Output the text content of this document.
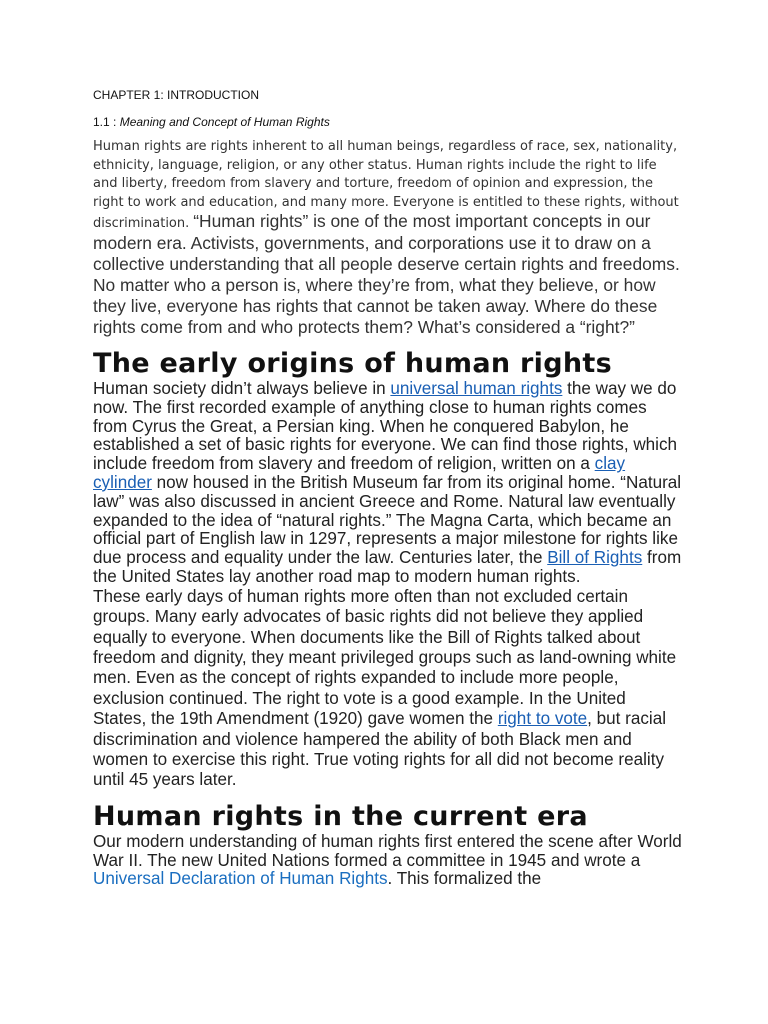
CHAPTER 1: INTRODUCTION

1.1 : Meaning and Concept of Human Rights

Human rights are rights inherent to all human beings, regardless of race, sex, nationality, ethnicity, language, religion, or any other status. Human rights include the right to life and liberty, freedom from slavery and torture, freedom of opinion and expression, the right to work and education, and many more. Everyone is entitled to these rights, without discrimination. “Human rights” is one of the most important concepts in our modern era. Activists, governments, and corporations use it to draw on a collective understanding that all people deserve certain rights and freedoms. No matter who a person is, where they’re from, what they believe, or how they live, everyone has rights that cannot be taken away. Where do these rights come from and who protects them? What’s considered a “right?”

The early origins of human rights

Human society didn’t always believe in universal human rights the way we do now. The first recorded example of anything close to human rights comes from Cyrus the Great, a Persian king. When he conquered Babylon, he established a set of basic rights for everyone. We can find those rights, which include freedom from slavery and freedom of religion, written on a clay cylinder now housed in the British Museum far from its original home. “Natural law” was also discussed in ancient Greece and Rome. Natural law eventually expanded to the idea of “natural rights.” The Magna Carta, which became an official part of English law in 1297, represents a major milestone for rights like due process and equality under the law. Centuries later, the Bill of Rights from the United States lay another road map to modern human rights.

These early days of human rights more often than not excluded certain groups. Many early advocates of basic rights did not believe they applied equally to everyone. When documents like the Bill of Rights talked about freedom and dignity, they meant privileged groups such as land-owning white men. Even as the concept of rights expanded to include more people, exclusion continued. The right to vote is a good example. In the United States, the 19th Amendment (1920) gave women the right to vote, but racial discrimination and violence hampered the ability of both Black men and women to exercise this right. True voting rights for all did not become reality until 45 years later.

Human rights in the current era

Our modern understanding of human rights first entered the scene after World War II. The new United Nations formed a committee in 1945 and wrote a Universal Declaration of Human Rights. This formalized the
